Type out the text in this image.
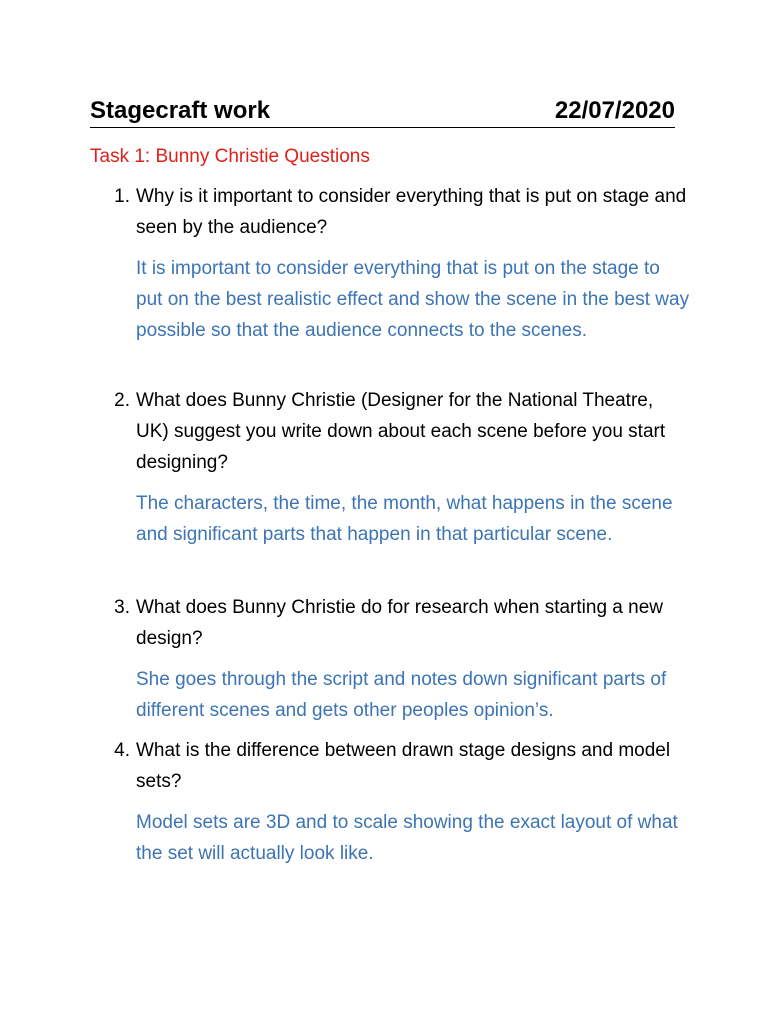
Stagecraft work	22/07/2020
Task 1: Bunny Christie Questions
1. Why is it important to consider everything that is put on stage and seen by the audience?
It is important to consider everything that is put on the stage to put on the best realistic effect and show the scene in the best way possible so that the audience connects to the scenes.
2. What does Bunny Christie (Designer for the National Theatre, UK) suggest you write down about each scene before you start designing?
The characters, the time, the month, what happens in the scene and significant parts that happen in that particular scene.
3. What does Bunny Christie do for research when starting a new design?
She goes through the script and notes down significant parts of different scenes and gets other peoples opinion’s.
4. What is the difference between drawn stage designs and model sets?
Model sets are 3D and to scale showing the exact layout of what the set will actually look like.
